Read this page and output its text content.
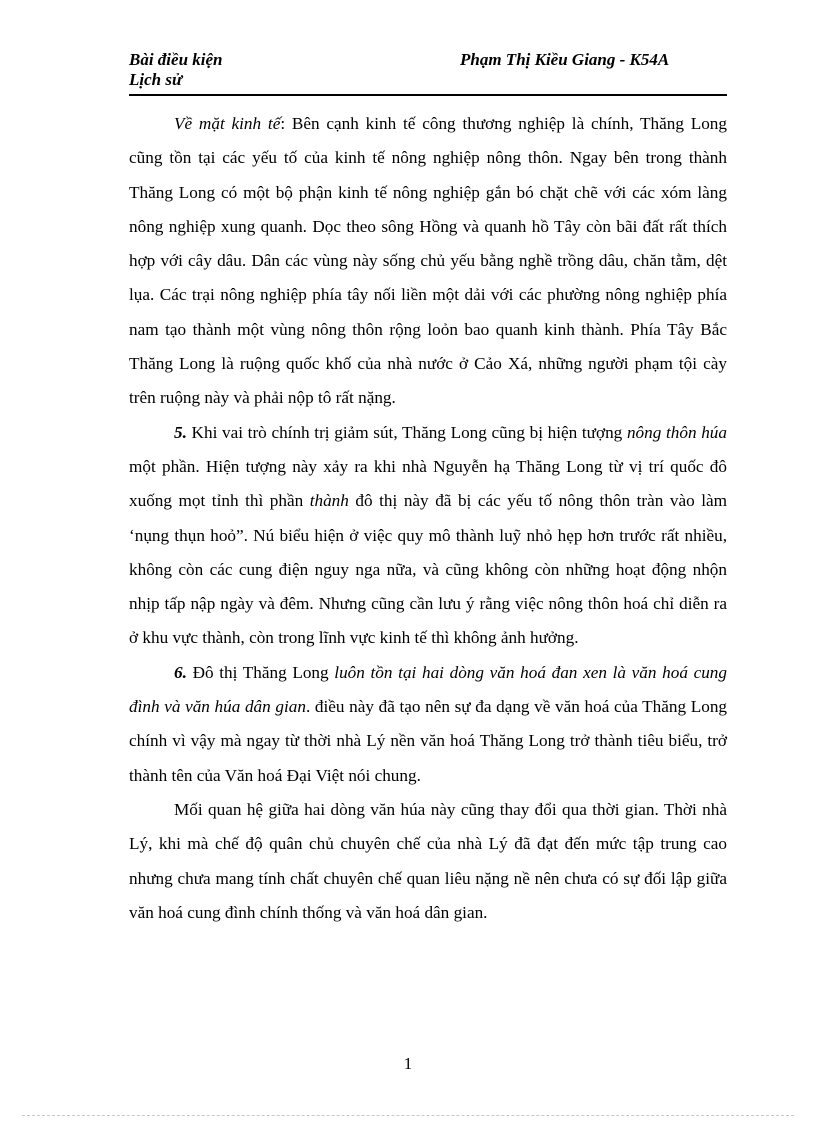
Bài điều kiện
Lịch sử
Phạm Thị Kiều Giang - K54A

Về mặt kinh tế: Bên cạnh kinh tế công thương nghiệp là chính, Thăng Long cũng tồn tại các yếu tố của kinh tế nông nghiệp nông thôn. Ngay bên trong thành Thăng Long có một bộ phận kinh tế nông nghiệp gắn bó chặt chẽ với các xóm làng nông nghiệp xung quanh. Dọc theo sông Hồng và quanh hồ Tây còn bãi đất rất thích hợp với cây dâu. Dân các vùng này sống chủ yếu bằng nghề trồng dâu, chăn tằm, dệt lụa. Các trại nông nghiệp phía tây nối liền một dải với các phường nông nghiệp phía nam tạo thành một vùng nông thôn rộng loỏn bao quanh kinh thành. Phía Tây Bắc Thăng Long là ruộng quốc khố của nhà nước ở Cảo Xá, những người phạm tội cày trên ruộng này và phải nộp tô rất nặng.

5. Khi vai trò chính trị giảm sút, Thăng Long cũng bị hiện tượng nông thôn húa một phần. Hiện tượng này xảy ra khi nhà Nguyễn hạ Thăng Long từ vị trí quốc đô xuống mọt tỉnh thì phần thành đô thị này đã bị các yếu tố nông thôn tràn vào làm ‘nụng thụn hoỏ”. Nú biểu hiện ở việc quy mô thành luỹ nhỏ hẹp hơn trước rất nhiều, không còn các cung điện nguy nga nữa, và cũng không còn những hoạt động nhộn nhịp tấp nập ngày và đêm. Nhưng cũng cần lưu ý rằng việc nông thôn hoá chỉ diễn ra ở khu vực thành, còn trong lĩnh vực kinh tế thì không ảnh hưởng.

6. Đô thị Thăng Long luôn tồn tại hai dòng văn hoá đan xen là văn hoá cung đình và văn húa dân gian. điều này đã tạo nên sự đa dạng về văn hoá của Thăng Long chính vì vậy mà ngay từ thời nhà Lý nền văn hoá Thăng Long trở thành tiêu biểu, trở thành tên của Văn hoá Đại Việt nói chung.

Mối quan hệ giữa hai dòng văn húa này cũng thay đổi qua thời gian. Thời nhà Lý, khi mà chế độ quân chủ chuyên chế của nhà Lý đã đạt đến mức tập trung cao nhưng chưa mang tính chất chuyên chế quan liêu nặng nề nên chưa có sự đối lập giữa văn hoá cung đình chính thống và văn hoá dân gian.

1
